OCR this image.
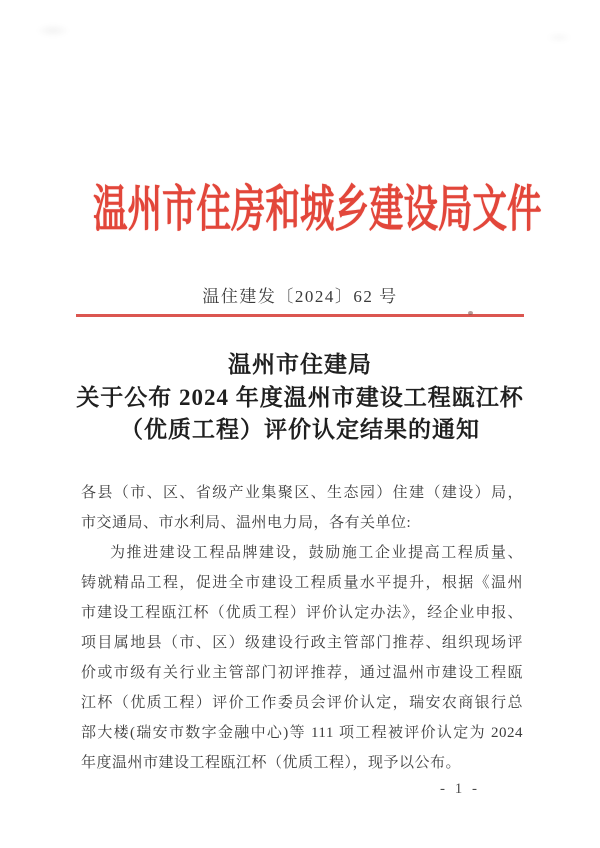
温州市住房和城乡建设局文件
温住建发〔2024〕62 号
温州市住建局
关于公布 2024 年度温州市建设工程瓯江杯
（优质工程）评价认定结果的通知
各县（市、区、省级产业集聚区、生态园）住建（建设）局，
市交通局、市水利局、温州电力局，各有关单位:
为推进建设工程品牌建设，鼓励施工企业提高工程质量、
铸就精品工程，促进全市建设工程质量水平提升，根据《温州
市建设工程瓯江杯（优质工程）评价认定办法》，经企业申报、
项目属地县（市、区）级建设行政主管部门推荐、组织现场评
价或市级有关行业主管部门初评推荐，通过温州市建设工程瓯
江杯（优质工程）评价工作委员会评价认定，瑞安农商银行总
部大楼(瑞安市数字金融中心)等 111 项工程被评价认定为 2024
年度温州市建设工程瓯江杯（优质工程），现予以公布。
- 1 -
